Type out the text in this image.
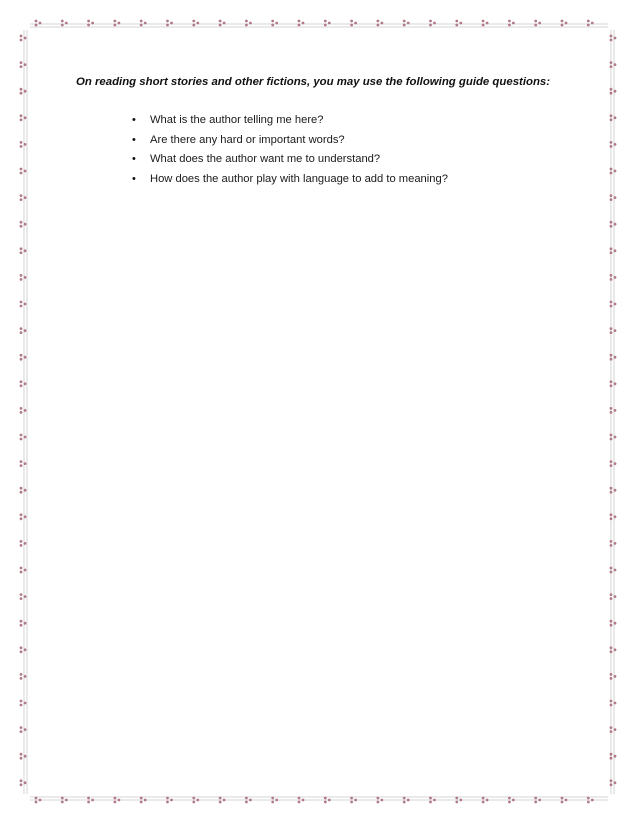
On reading short stories and other fictions, you may use the following guide questions:

• What is the author telling me here?
• Are there any hard or important words?
• What does the author want me to understand?
• How does the author play with language to add to meaning?
